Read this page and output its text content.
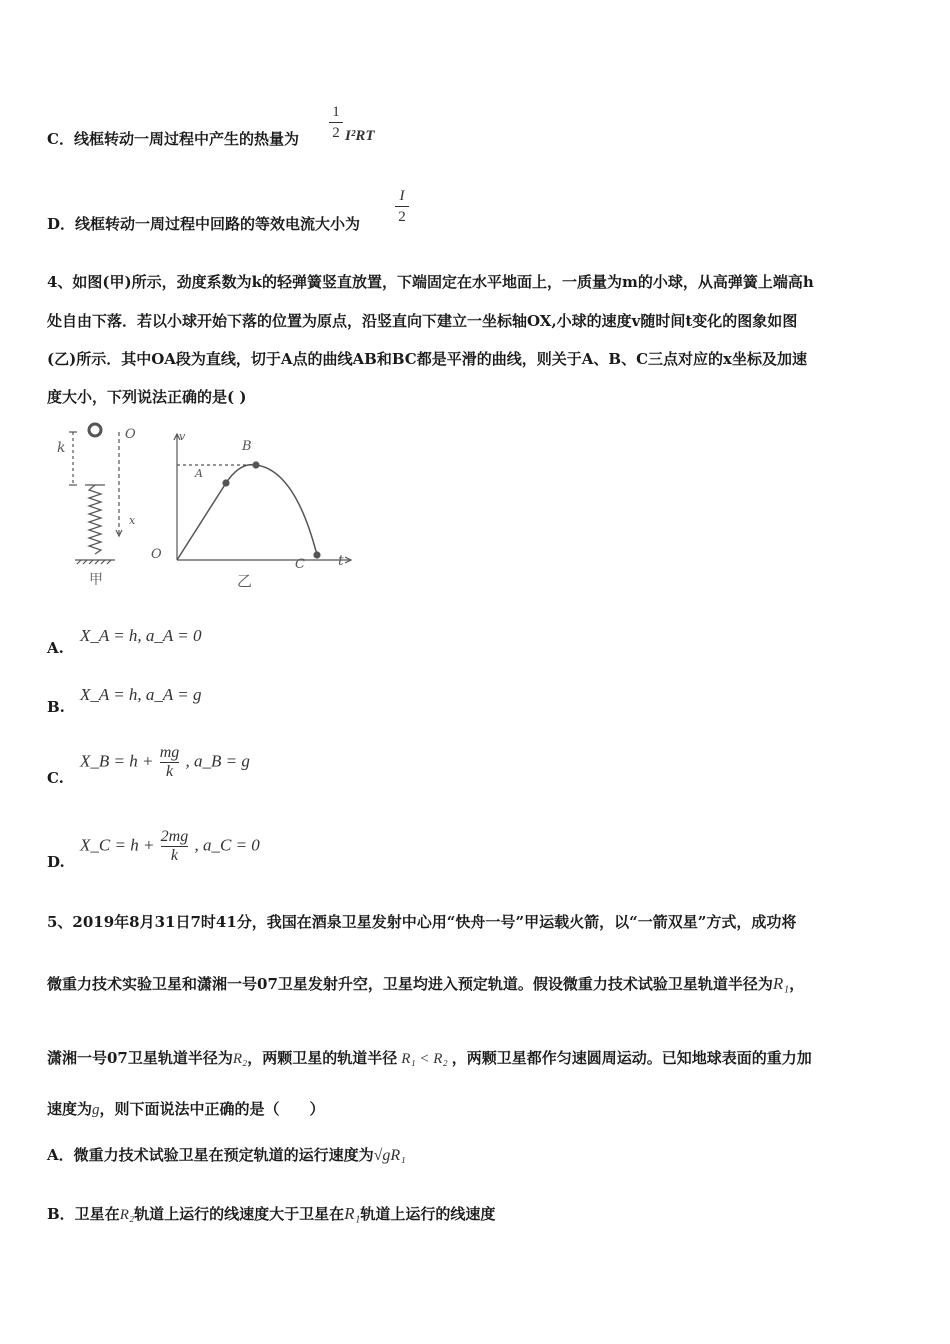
C．线框转动一周过程中产生的热量为
1
2 I²RT
D．线框转动一周过程中回路的等效电流大小为
I
2
4、如图(甲)所示，劲度系数为k的轻弹簧竖直放置，下端固定在水平地面上，一质量为m的小球，从高弹簧上端高h
处自由下落．若以小球开始下落的位置为原点，沿竖直向下建立一坐标轴OX,小球的速度v随时间t变化的图象如图
(乙)所示．其中OA段为直线，切于A点的曲线AB和BC都是平滑的曲线，则关于A、B、C三点对应的x坐标及加速
度大小，下列说法正确的是( )
k
O
x
甲
v
B
A
O
C t
乙
A.
X_A = h, a_A = 0
B.
X_A = h, a_A = g
C.
X_B = $h + \frac{mg}{k}$ , a_B = g
D.
X_C = $h + \frac{2mg}{k}$ , a_C = 0
5、2019年8月31日7时41分，我国在酒泉卫星发射中心用“快舟一号”甲运载火箭，以“一箭双星”方式，成功将
微重力技术实验卫星和潇湘一号07卫星发射升空，卫星均进入预定轨道。假设微重力技术试验卫星轨道半径为R₁，
潇湘一号07卫星轨道半径为R₂，两颗卫星的轨道半径 R₁ < R₂ ，两颗卫星都作匀速圆周运动。已知地球表面的重力加
速度为g，则下面说法中正确的是（　　）
A．微重力技术试验卫星在预定轨道的运行速度为√gR₁
B．卫星在R₂轨道上运行的线速度大于卫星在R₁轨道上运行的线速度
